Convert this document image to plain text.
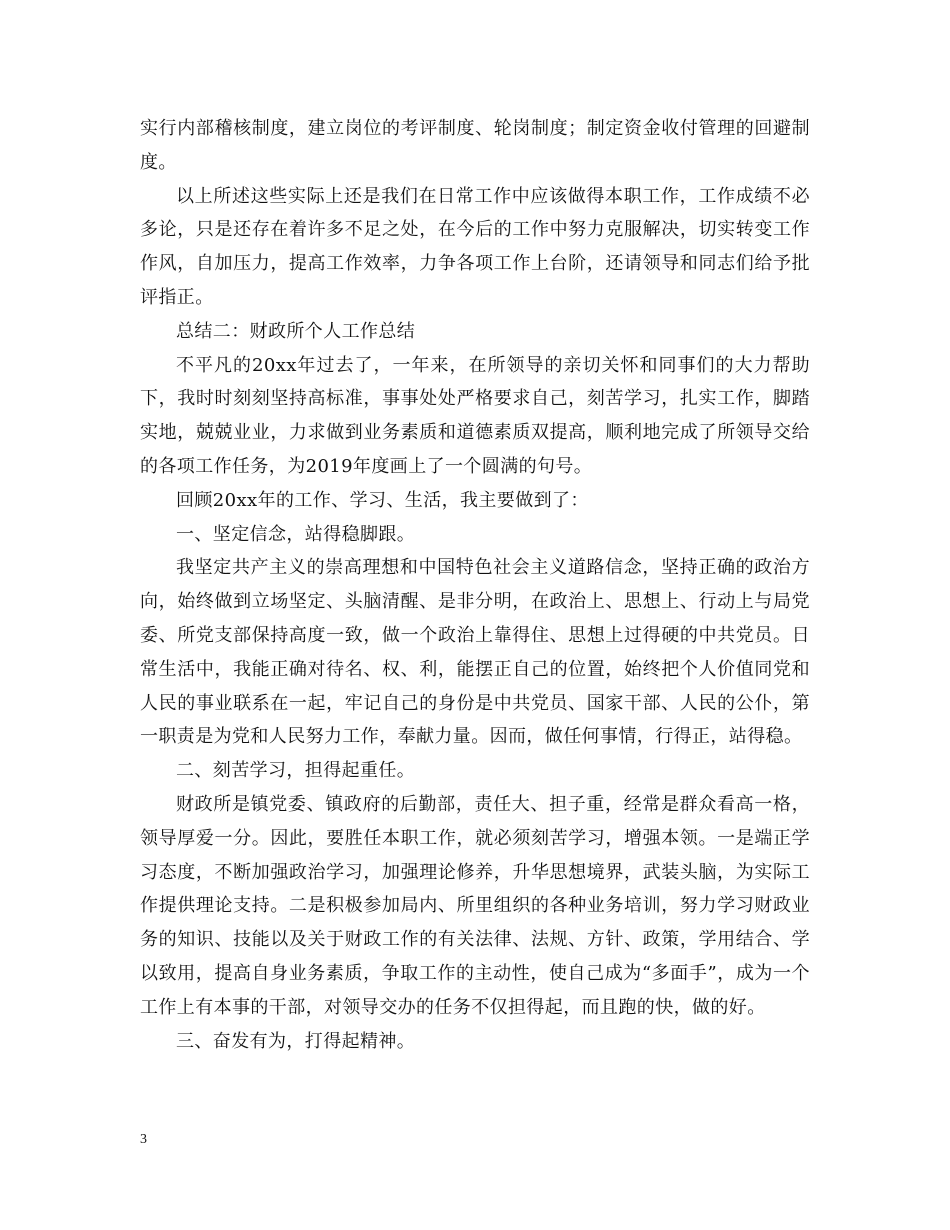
实行内部稽核制度，建立岗位的考评制度、轮岗制度；制定资金收付管理的回避制度。

以上所述这些实际上还是我们在日常工作中应该做得本职工作，工作成绩不必多论，只是还存在着许多不足之处，在今后的工作中努力克服解决，切实转变工作作风，自加压力，提高工作效率，力争各项工作上台阶，还请领导和同志们给予批评指正。

总结二：财政所个人工作总结

不平凡的20xx年过去了，一年来，在所领导的亲切关怀和同事们的大力帮助下，我时时刻刻坚持高标准，事事处处严格要求自己，刻苦学习，扎实工作，脚踏实地，兢兢业业，力求做到业务素质和道德素质双提高，顺利地完成了所领导交给的各项工作任务，为2019年度画上了一个圆满的句号。

回顾20xx年的工作、学习、生活，我主要做到了：

一、坚定信念，站得稳脚跟。

我坚定共产主义的崇高理想和中国特色社会主义道路信念，坚持正确的政治方向，始终做到立场坚定、头脑清醒、是非分明，在政治上、思想上、行动上与局党委、所党支部保持高度一致，做一个政治上靠得住、思想上过得硬的中共党员。日常生活中，我能正确对待名、权、利，能摆正自己的位置，始终把个人价值同党和人民的事业联系在一起，牢记自己的身份是中共党员、国家干部、人民的公仆，第一职责是为党和人民努力工作，奉献力量。因而，做任何事情，行得正，站得稳。

二、刻苦学习，担得起重任。

财政所是镇党委、镇政府的后勤部，责任大、担子重，经常是群众看高一格，领导厚爱一分。因此，要胜任本职工作，就必须刻苦学习，增强本领。一是端正学习态度，不断加强政治学习，加强理论修养，升华思想境界，武装头脑，为实际工作提供理论支持。二是积极参加局内、所里组织的各种业务培训，努力学习财政业务的知识、技能以及关于财政工作的有关法律、法规、方针、政策，学用结合、学以致用，提高自身业务素质，争取工作的主动性，使自己成为“多面手”，成为一个工作上有本事的干部，对领导交办的任务不仅担得起，而且跑的快，做的好。

三、奋发有为，打得起精神。

3
